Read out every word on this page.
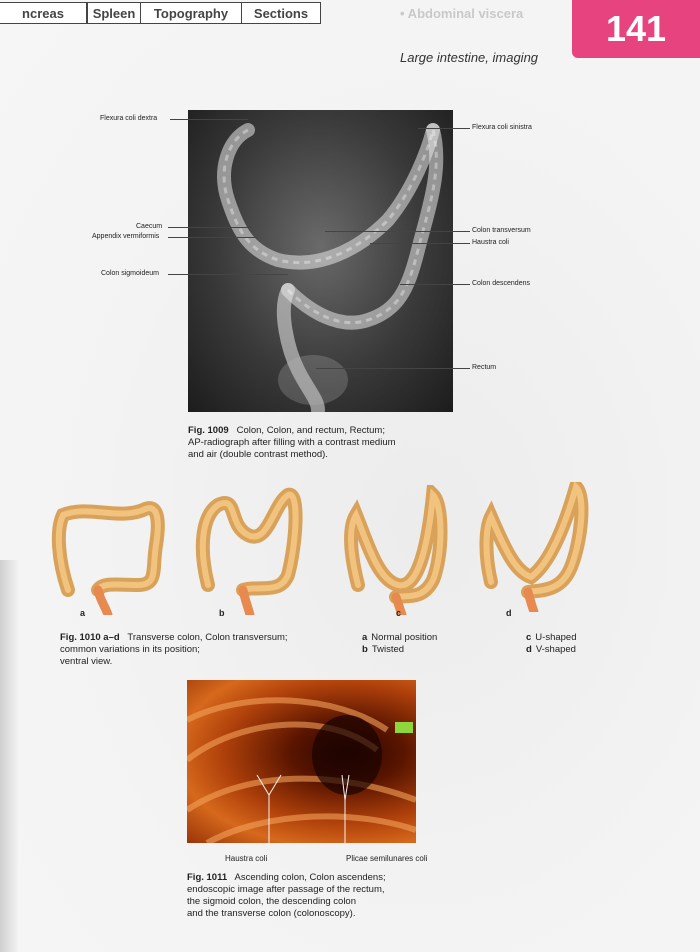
ncreas	Spleen	Topography	Sections	• Abdominal viscera	141
Large intestine, imaging
Flexura coli dextra
Flexura coli sinistra
Caecum
Appendix vermiformis
Colon transversum
Haustra coli
Colon sigmoideum
Colon descendens
Rectum
Fig. 1009 Colon, Colon, and rectum, Rectum;
AP-radiograph after filling with a contrast medium
and air (double contrast method).
a	b	c	d
Fig. 1010 a–d Transverse colon, Colon transversum;
common variations in its position;
ventral view.
a Normal position
b Twisted
c U-shaped
d V-shaped
Haustra coli	Plicae semilunares coli
Fig. 1011 Ascending colon, Colon ascendens;
endoscopic image after passage of the rectum,
the sigmoid colon, the descending colon
and the transverse colon (colonoscopy).
